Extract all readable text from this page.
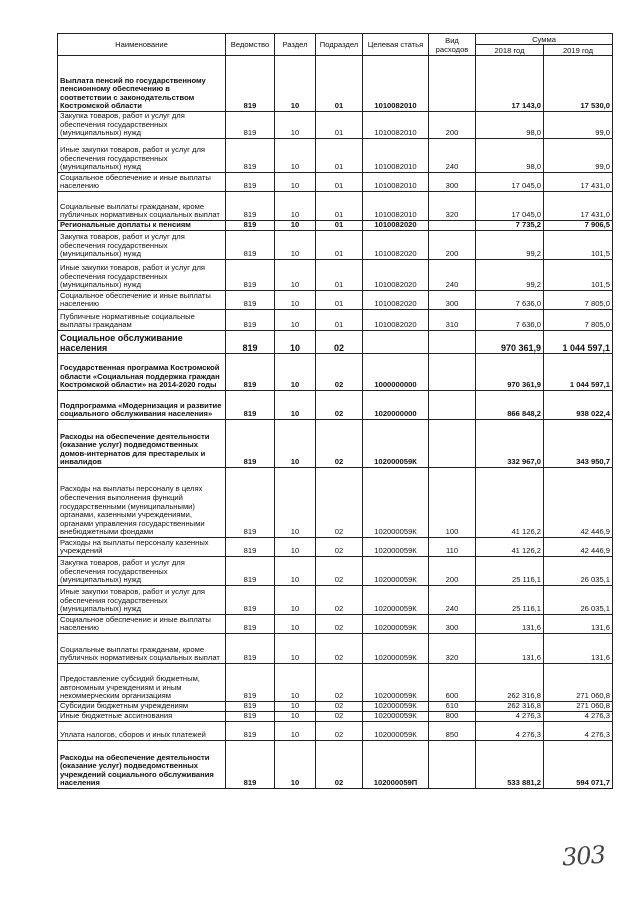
Наименование	Ведомство	Раздел	Подраздел	Целевая статья	Вид расходов	Сумма	
						2018 год	2019 год
Выплата пенсий по государственному пенсионному обеспечению в соответствии с законодательством Костромской области	819	10	01	1010082010		17 143,0	17 530,0
Закупка товаров, работ и услуг для обеспечения государственных (муниципальных) нужд	819	10	01	1010082010	200	98,0	99,0
Иные закупки товаров, работ и услуг для обеспечения государственных (муниципальных) нужд	819	10	01	1010082010	240	98,0	99,0
Социальное обеспечение и иные выплаты населению	819	10	01	1010082010	300	17 045,0	17 431,0
Социальные выплаты гражданам, кроме публичных нормативных социальных выплат	819	10	01	1010082010	320	17 045,0	17 431,0
Региональные доплаты к пенсиям	819	10	01	1010082020		7 735,2	7 906,5
Закупка товаров, работ и услуг для обеспечения государственных (муниципальных) нужд	819	10	01	1010082020	200	99,2	101,5
Иные закупки товаров, работ и услуг для обеспечения государственных (муниципальных) нужд	819	10	01	1010082020	240	99,2	101,5
Социальное обеспечение и иные выплаты населению	819	10	01	1010082020	300	7 636,0	7 805,0
Публичные нормативные социальные выплаты гражданам	819	10	01	1010082020	310	7 636,0	7 805,0
Социальное обслуживание населения	819	10	02			970 361,9	1 044 597,1
Государственная программа Костромской области «Социальная поддержка граждан Костромской области» на 2014-2020 годы	819	10	02	1000000000		970 361,9	1 044 597,1
Подпрограмма «Модернизация и развитие социального обслуживания населения»	819	10	02	1020000000		866 848,2	938 022,4
Расходы на обеспечение деятельности (оказание услуг) подведомственных домов-интернатов для престарелых и инвалидов	819	10	02	102000059К		332 967,0	343 950,7
Расходы на выплаты персоналу в целях обеспечения выполнения функций государственными (муниципальными) органами, казенными учреждениями, органами управления государственными внебюджетными фондами	819	10	02	102000059К	100	41 126,2	42 446,9
Расходы на выплаты персоналу казенных учреждений	819	10	02	102000059К	110	41 126,2	42 446,9
Закупка товаров, работ и услуг для обеспечения государственных (муниципальных) нужд	819	10	02	102000059К	200	25 116,1	26 035,1
Иные закупки товаров, работ и услуг для обеспечения государственных (муниципальных) нужд	819	10	02	102000059К	240	25 116,1	26 035,1
Социальное обеспечение и иные выплаты населению	819	10	02	102000059К	300	131,6	131,6
Социальные выплаты гражданам, кроме публичных нормативных социальных выплат	819	10	02	102000059К	320	131,6	131,6
Предоставление субсидий бюджетным, автономным учреждениям и иным некоммерческим организациям	819	10	02	102000059К	600	262 316,8	271 060,8
Субсидии бюджетным учреждениям	819	10	02	102000059К	610	262 316,8	271 060,8
Иные бюджетные ассигнования	819	10	02	102000059К	800	4 276,3	4 276,3
Уплата налогов, сборов и иных платежей	819	10	02	102000059К	850	4 276,3	4 276,3
Расходы на обеспечение деятельности (оказание услуг) подведомственных учреждений социального обслуживания населения	819	10	02	102000059П		533 881,2	594 071,7
303
